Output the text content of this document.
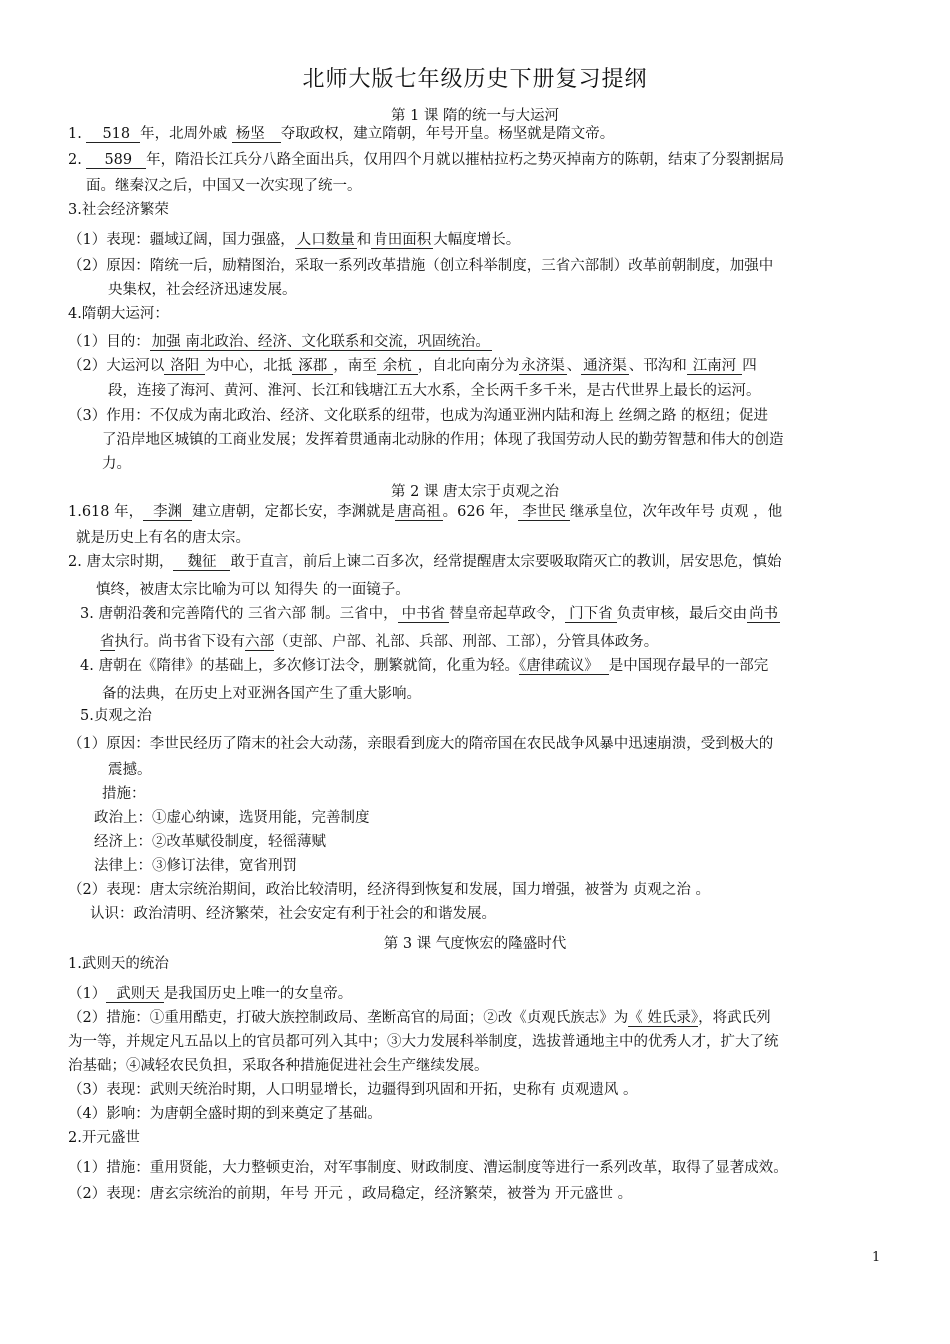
北师大版七年级历史下册复习提纲
第 1 课 隋的统一与大运河
1. 518 年，北周外戚 杨坚 夺取政权，建立隋朝，年号开皇。杨坚就是隋文帝。
2. 589 年，隋沿长江兵分八路全面出兵，仅用四个月就以摧枯拉朽之势灭掉南方的陈朝，结束了分裂割据局
面。继秦汉之后，中国又一次实现了统一。
3.社会经济繁荣
（1）表现：疆域辽阔，国力强盛， 人口数量 和 肯田面积 大幅度增长。
（2）原因：隋统一后，励精图治，采取一系列改革措施（创立科举制度，三省六部制）改革前朝制度，加强中
央集权，社会经济迅速发展。
4.隋朝大运河：
（1）目的： 加强 南北政治、经济、文化联系和交流，巩固统治。
（2）大运河以 洛阳 为中心，北抵 涿郡 ，南至 余杭 ，自北向南分为 永济渠 、 通济渠 、邗沟和 江南河 四
段，连接了海河、黄河、淮河、长江和钱塘江五大水系，全长两千多千米，是古代世界上最长的运河。
（3）作用：不仅成为南北政治、经济、文化联系的纽带，也成为沟通亚洲内陆和海上 丝绸之路 的枢纽；促进
了沿岸地区城镇的工商业发展；发挥着贯通南北动脉的作用；体现了我国劳动人民的勤劳智慧和伟大的创造
力。
第 2 课 唐太宗于贞观之治
1.618 年， 李渊 建立唐朝，定都长安，李渊就是 唐高祖 。626 年， 李世民 继承皇位，次年改年号 贞观 ，他
就是历史上有名的唐太宗。
2. 唐太宗时期， 魏征 敢于直言，前后上谏二百多次，经常提醒唐太宗要吸取隋灭亡的教训，居安思危，慎始
慎终，被唐太宗比喻为可以 知得失 的一面镜子。
3. 唐朝沿袭和完善隋代的 三省六部 制。三省中， 中书省 替皇帝起草政令， 门下省 负责审核，最后交由 尚书
省执行。尚书省下设有六部（吏部、户部、礼部、兵部、刑部、工部），分管具体政务。
4. 唐朝在《隋律》的基础上，多次修订法令，删繁就简，化重为轻。《唐律疏议》 是中国现存最早的一部完
备的法典，在历史上对亚洲各国产生了重大影响。
5.贞观之治
（1）原因：李世民经历了隋末的社会大动荡，亲眼看到庞大的隋帝国在农民战争风暴中迅速崩溃，受到极大的
震撼。
措施：
政治上：①虚心纳谏，选贤用能，完善制度
经济上：②改革赋役制度，轻徭薄赋
法律上：③修订法律，宽省刑罚
（2）表现：唐太宗统治期间，政治比较清明，经济得到恢复和发展，国力增强，被誉为 贞观之治 。
认识：政治清明、经济繁荣，社会安定有利于社会的和谐发展。
第 3 课 气度恢宏的隆盛时代
1.武则天的统治
（1） 武则天 是我国历史上唯一的女皇帝。
（2）措施：①重用酷吏，打破大族控制政局、垄断高官的局面；②改《贞观氏族志》为《 姓氏录》，将武氏列
为一等，并规定凡五品以上的官员都可列入其中；③大力发展科举制度，选拔普通地主中的优秀人才，扩大了统
治基础；④减轻农民负担，采取各种措施促进社会生产继续发展。
（3）表现：武则天统治时期，人口明显增长，边疆得到巩固和开拓，史称有 贞观遗风 。
（4）影响：为唐朝全盛时期的到来奠定了基础。
2.开元盛世
（1）措施：重用贤能，大力整顿吏治，对军事制度、财政制度、漕运制度等进行一系列改革，取得了显著成效。
（2）表现：唐玄宗统治的前期，年号 开元 ，政局稳定，经济繁荣，被誉为 开元盛世 。
1
